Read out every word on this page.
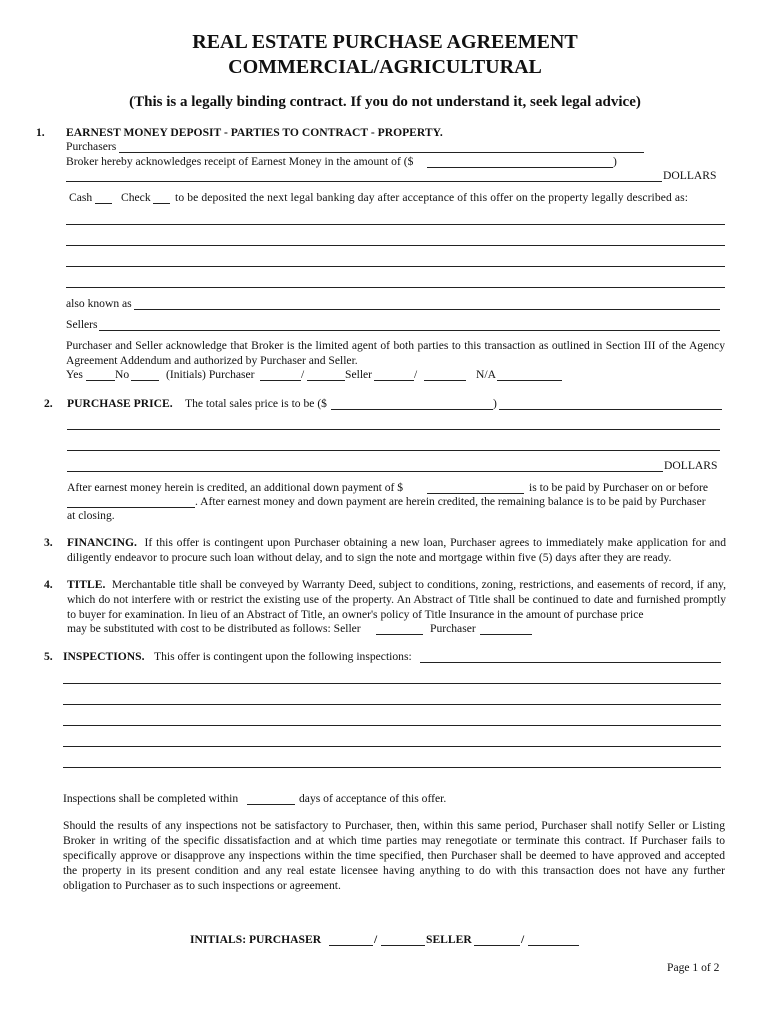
REAL ESTATE PURCHASE AGREEMENT
COMMERCIAL/AGRICULTURAL
(This is a legally binding contract. If you do not understand it, seek legal advice)
1. EARNEST MONEY DEPOSIT - PARTIES TO CONTRACT - PROPERTY.
Purchasers
Broker hereby acknowledges receipt of Earnest Money in the amount of ($	)
DOLLARS
Cash Check to be deposited the next legal banking day after acceptance of this offer on the property legally described as:
also known as
Sellers
Purchaser and Seller acknowledge that Broker is the limited agent of both parties to this transaction as outlined in Section III of the Agency Agreement Addendum and authorized by Purchaser and Seller.
Yes	No	(Initials) Purchaser	/	Seller	/	N/A
2. PURCHASE PRICE. The total sales price is to be ($	)
DOLLARS
After earnest money herein is credited, an additional down payment of $	is to be paid by Purchaser on or before
. After earnest money and down payment are herein credited, the remaining balance is to be paid by Purchaser
at closing.
3. FINANCING. If this offer is contingent upon Purchaser obtaining a new loan, Purchaser agrees to immediately make application for and diligently endeavor to procure such loan without delay, and to sign the note and mortgage within five (5) days after they are ready.
4. TITLE. Merchantable title shall be conveyed by Warranty Deed, subject to conditions, zoning, restrictions, and easements of record, if any, which do not interfere with or restrict the existing use of the property. An Abstract of Title shall be continued to date and furnished promptly to buyer for examination. In lieu of an Abstract of Title, an owner's policy of Title Insurance in the amount of purchase price
may be substituted with cost to be distributed as follows: Seller	Purchaser
5. INSPECTIONS. This offer is contingent upon the following inspections:
Inspections shall be completed within	days of acceptance of this offer.
Should the results of any inspections not be satisfactory to Purchaser, then, within this same period, Purchaser shall notify Seller or Listing Broker in writing of the specific dissatisfaction and at which time parties may renegotiate or terminate this contract. If Purchaser fails to specifically approve or disapprove any inspections within the time specified, then Purchaser shall be deemed to have approved and accepted the property in its present condition and any real estate licensee having anything to do with this transaction does not have any further obligation to Purchaser as to such inspections or agreement.
INITIALS: PURCHASER	/	SELLER	/
Page 1 of 2
